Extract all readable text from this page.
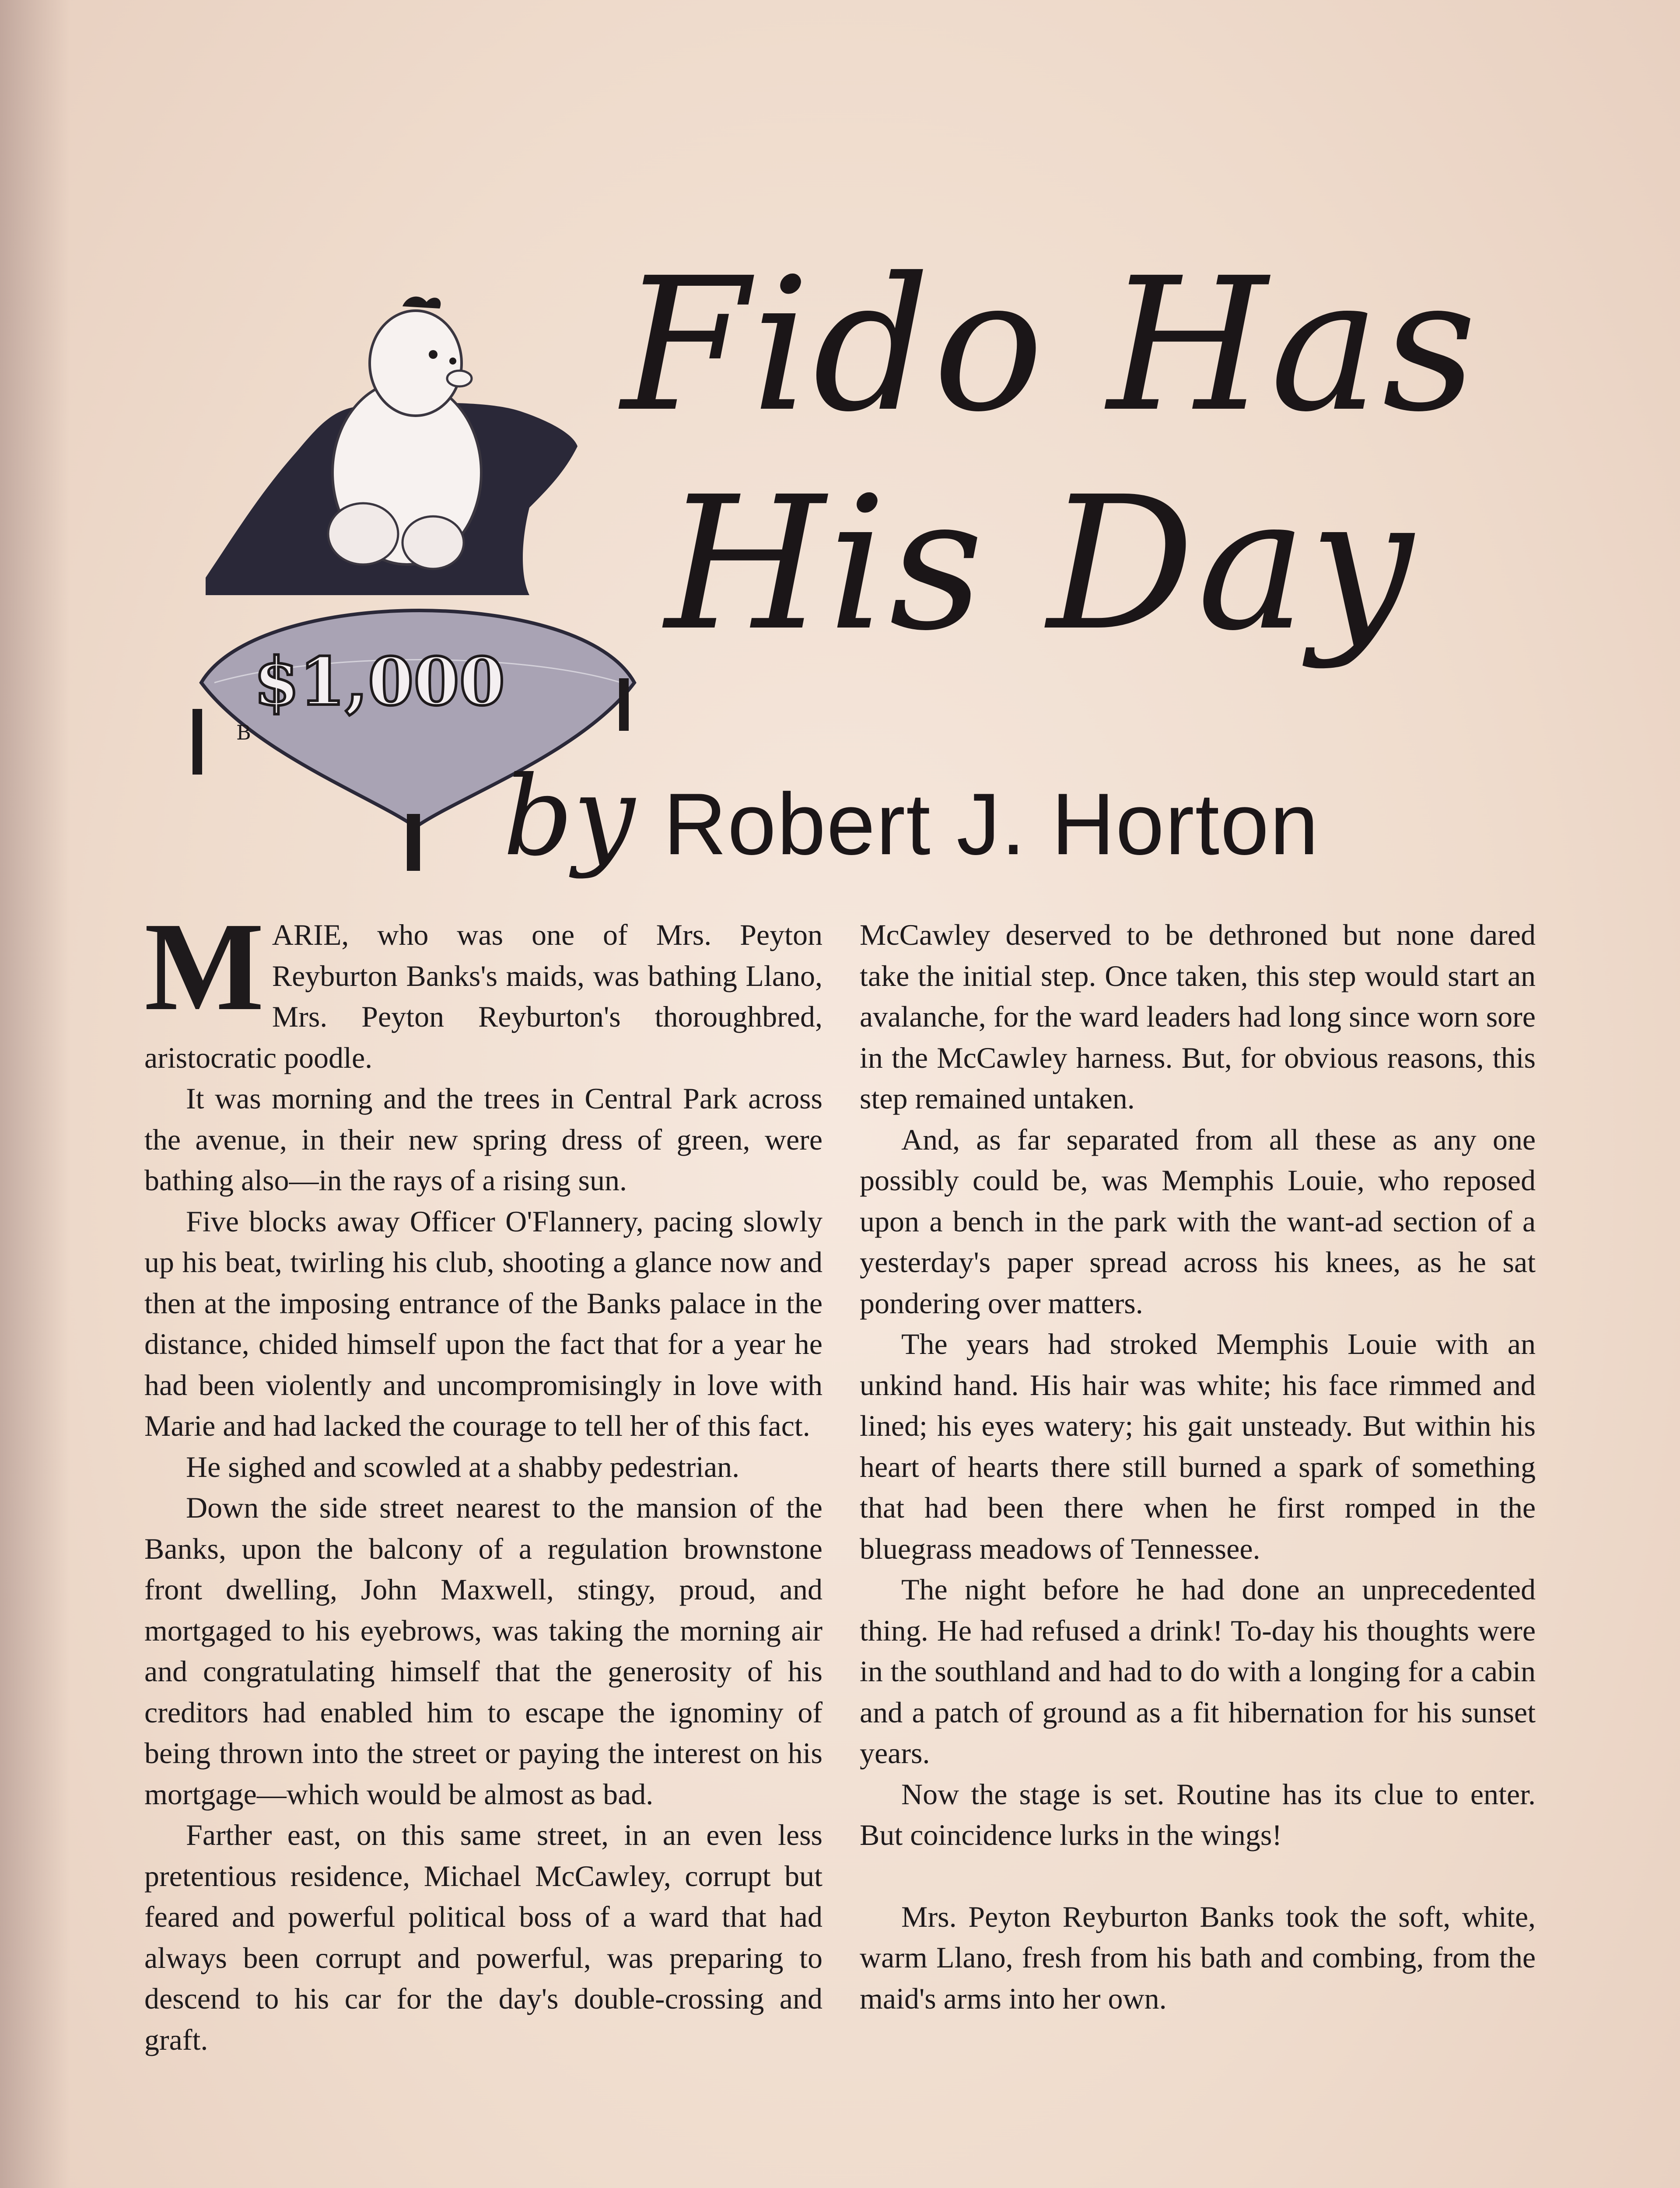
B
$1,000
Fido Has
His Day
by Robert J. Horton

MARIE, who was one of Mrs. Peyton Reyburton Banks's maids, was bathing Llano, Mrs. Peyton Reyburton's thoroughbred, aristocratic poodle.

It was morning and the trees in Central Park across the avenue, in their new spring dress of green, were bathing also—in the rays of a rising sun.

Five blocks away Officer O'Flannery, pacing slowly up his beat, twirling his club, shooting a glance now and then at the imposing entrance of the Banks palace in the distance, chided himself upon the fact that for a year he had been violently and uncompromisingly in love with Marie and had lacked the courage to tell her of this fact.

He sighed and scowled at a shabby pedestrian.

Down the side street nearest to the mansion of the Banks, upon the balcony of a regulation brownstone front dwelling, John Maxwell, stingy, proud, and mortgaged to his eyebrows, was taking the morning air and congratulating himself that the generosity of his creditors had enabled him to escape the ignominy of being thrown into the street or paying the interest on his mortgage—which would be almost as bad.

Farther east, on this same street, in an even less pretentious residence, Michael McCawley, corrupt but feared and powerful political boss of a ward that had always been corrupt and powerful, was preparing to descend to his car for the day's double-crossing and graft.

McCawley deserved to be dethroned but none dared take the initial step. Once taken, this step would start an avalanche, for the ward leaders had long since worn sore in the McCawley harness. But, for obvious reasons, this step remained untaken.

And, as far separated from all these as any one possibly could be, was Memphis Louie, who reposed upon a bench in the park with the want-ad section of a yesterday's paper spread across his knees, as he sat pondering over matters.

The years had stroked Memphis Louie with an unkind hand. His hair was white; his face rimmed and lined; his eyes watery; his gait unsteady. But within his heart of hearts there still burned a spark of something that had been there when he first romped in the bluegrass meadows of Tennessee.

The night before he had done an unprecedented thing. He had refused a drink! To-day his thoughts were in the southland and had to do with a longing for a cabin and a patch of ground as a fit hibernation for his sunset years.

Now the stage is set. Routine has its clue to enter. But coincidence lurks in the wings!

Mrs. Peyton Reyburton Banks took the soft, white, warm Llano, fresh from his bath and combing, from the maid's arms into her own.
